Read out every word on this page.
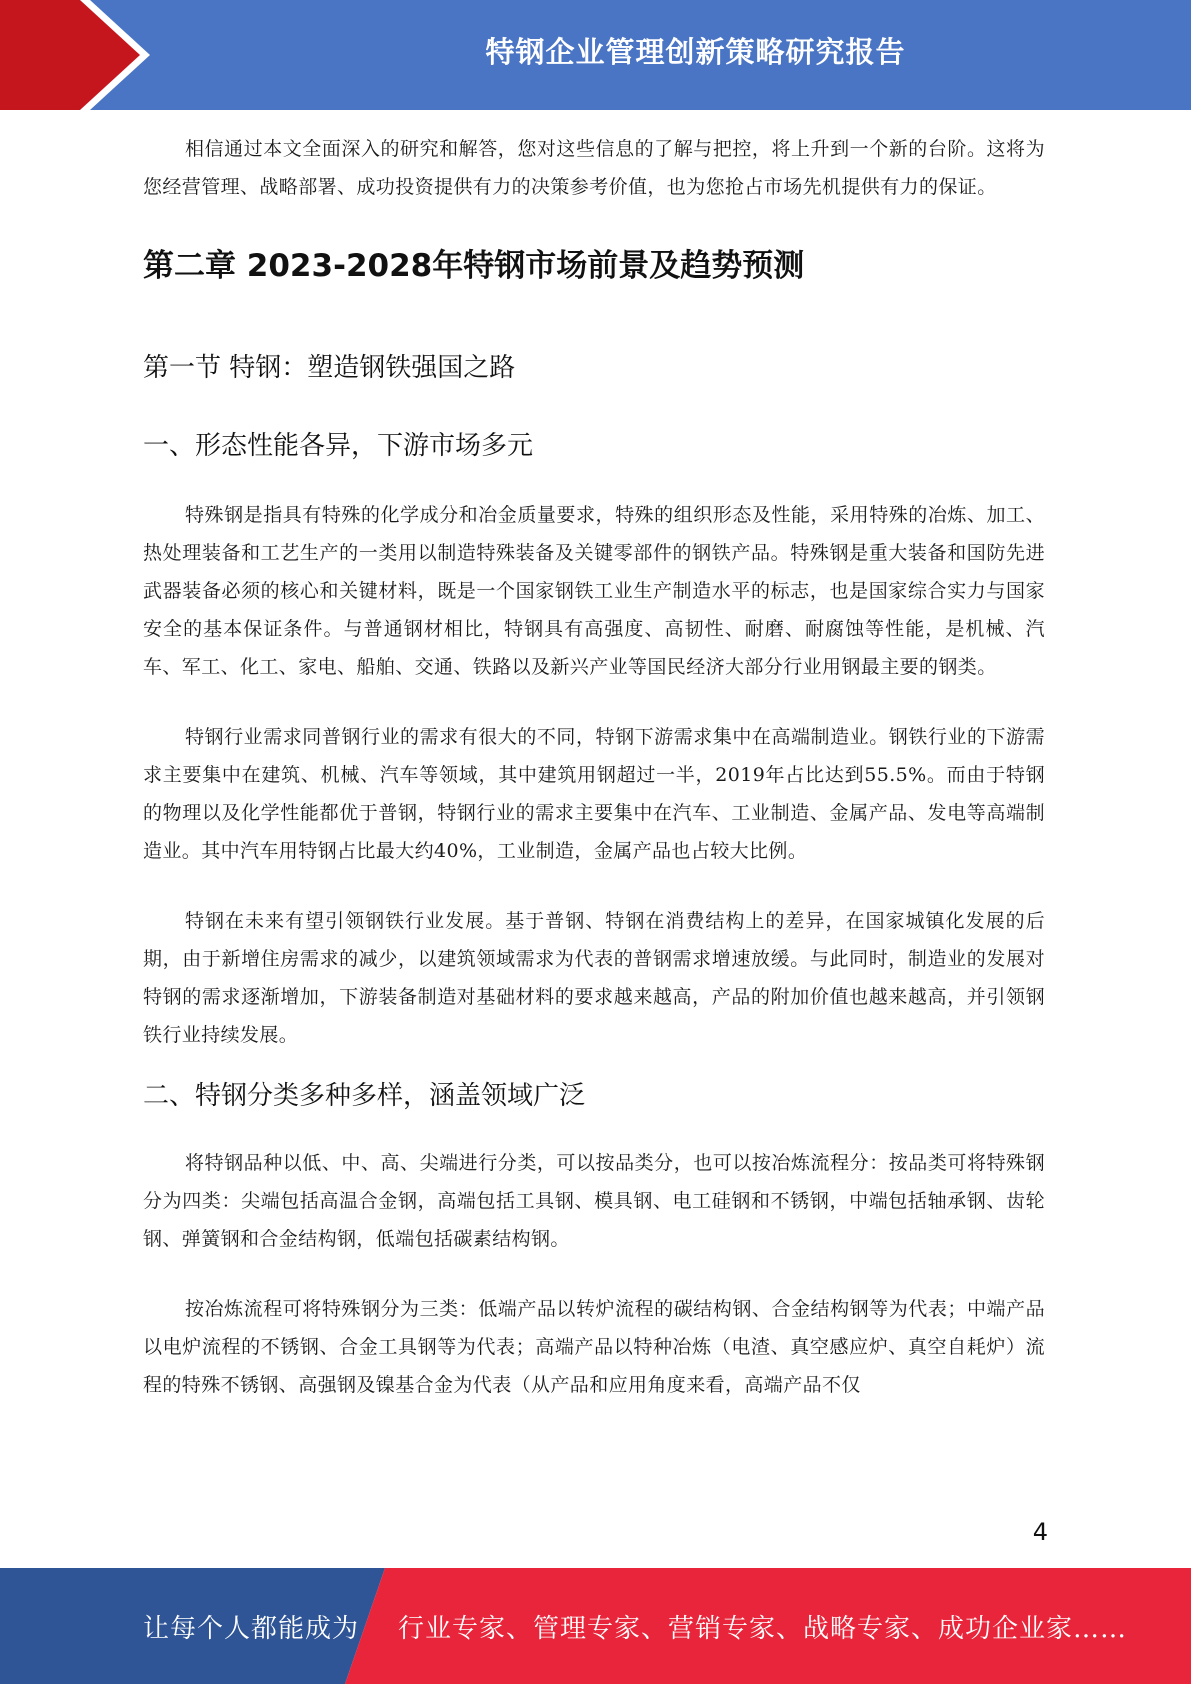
特钢企业管理创新策略研究报告

相信通过本文全面深入的研究和解答，您对这些信息的了解与把控，将上升到一个新的台阶。这将为您经营管理、战略部署、成功投资提供有力的决策参考价值，也为您抢占市场先机提供有力的保证。

第二章 2023-2028年特钢市场前景及趋势预测
第一节 特钢：塑造钢铁强国之路
一、形态性能各异，下游市场多元

特殊钢是指具有特殊的化学成分和冶金质量要求，特殊的组织形态及性能，采用特殊的冶炼、加工、热处理装备和工艺生产的一类用以制造特殊装备及关键零部件的钢铁产品。特殊钢是重大装备和国防先进武器装备必须的核心和关键材料，既是一个国家钢铁工业生产制造水平的标志，也是国家综合实力与国家安全的基本保证条件。与普通钢材相比，特钢具有高强度、高韧性、耐磨、耐腐蚀等性能，是机械、汽车、军工、化工、家电、船舶、交通、铁路以及新兴产业等国民经济大部分行业用钢最主要的钢类。

特钢行业需求同普钢行业的需求有很大的不同，特钢下游需求集中在高端制造业。钢铁行业的下游需求主要集中在建筑、机械、汽车等领域，其中建筑用钢超过一半，2019年占比达到55.5%。而由于特钢的物理以及化学性能都优于普钢，特钢行业的需求主要集中在汽车、工业制造、金属产品、发电等高端制造业。其中汽车用特钢占比最大约40%，工业制造，金属产品也占较大比例。

特钢在未来有望引领钢铁行业发展。基于普钢、特钢在消费结构上的差异，在国家城镇化发展的后期，由于新增住房需求的减少，以建筑领域需求为代表的普钢需求增速放缓。与此同时，制造业的发展对特钢的需求逐渐增加，下游装备制造对基础材料的要求越来越高，产品的附加价值也越来越高，并引领钢铁行业持续发展。

二、特钢分类多种多样，涵盖领域广泛

将特钢品种以低、中、高、尖端进行分类，可以按品类分，也可以按冶炼流程分：按品类可将特殊钢分为四类：尖端包括高温合金钢，高端包括工具钢、模具钢、电工硅钢和不锈钢，中端包括轴承钢、齿轮钢、弹簧钢和合金结构钢，低端包括碳素结构钢。

按冶炼流程可将特殊钢分为三类：低端产品以转炉流程的碳结构钢、合金结构钢等为代表；中端产品以电炉流程的不锈钢、合金工具钢等为代表；高端产品以特种冶炼（电渣、真空感应炉、真空自耗炉）流程的特殊不锈钢、高强钢及镍基合金为代表（从产品和应用角度来看，高端产品不仅

4
让每个人都能成为 行业专家、管理专家、营销专家、战略专家、成功企业家……
